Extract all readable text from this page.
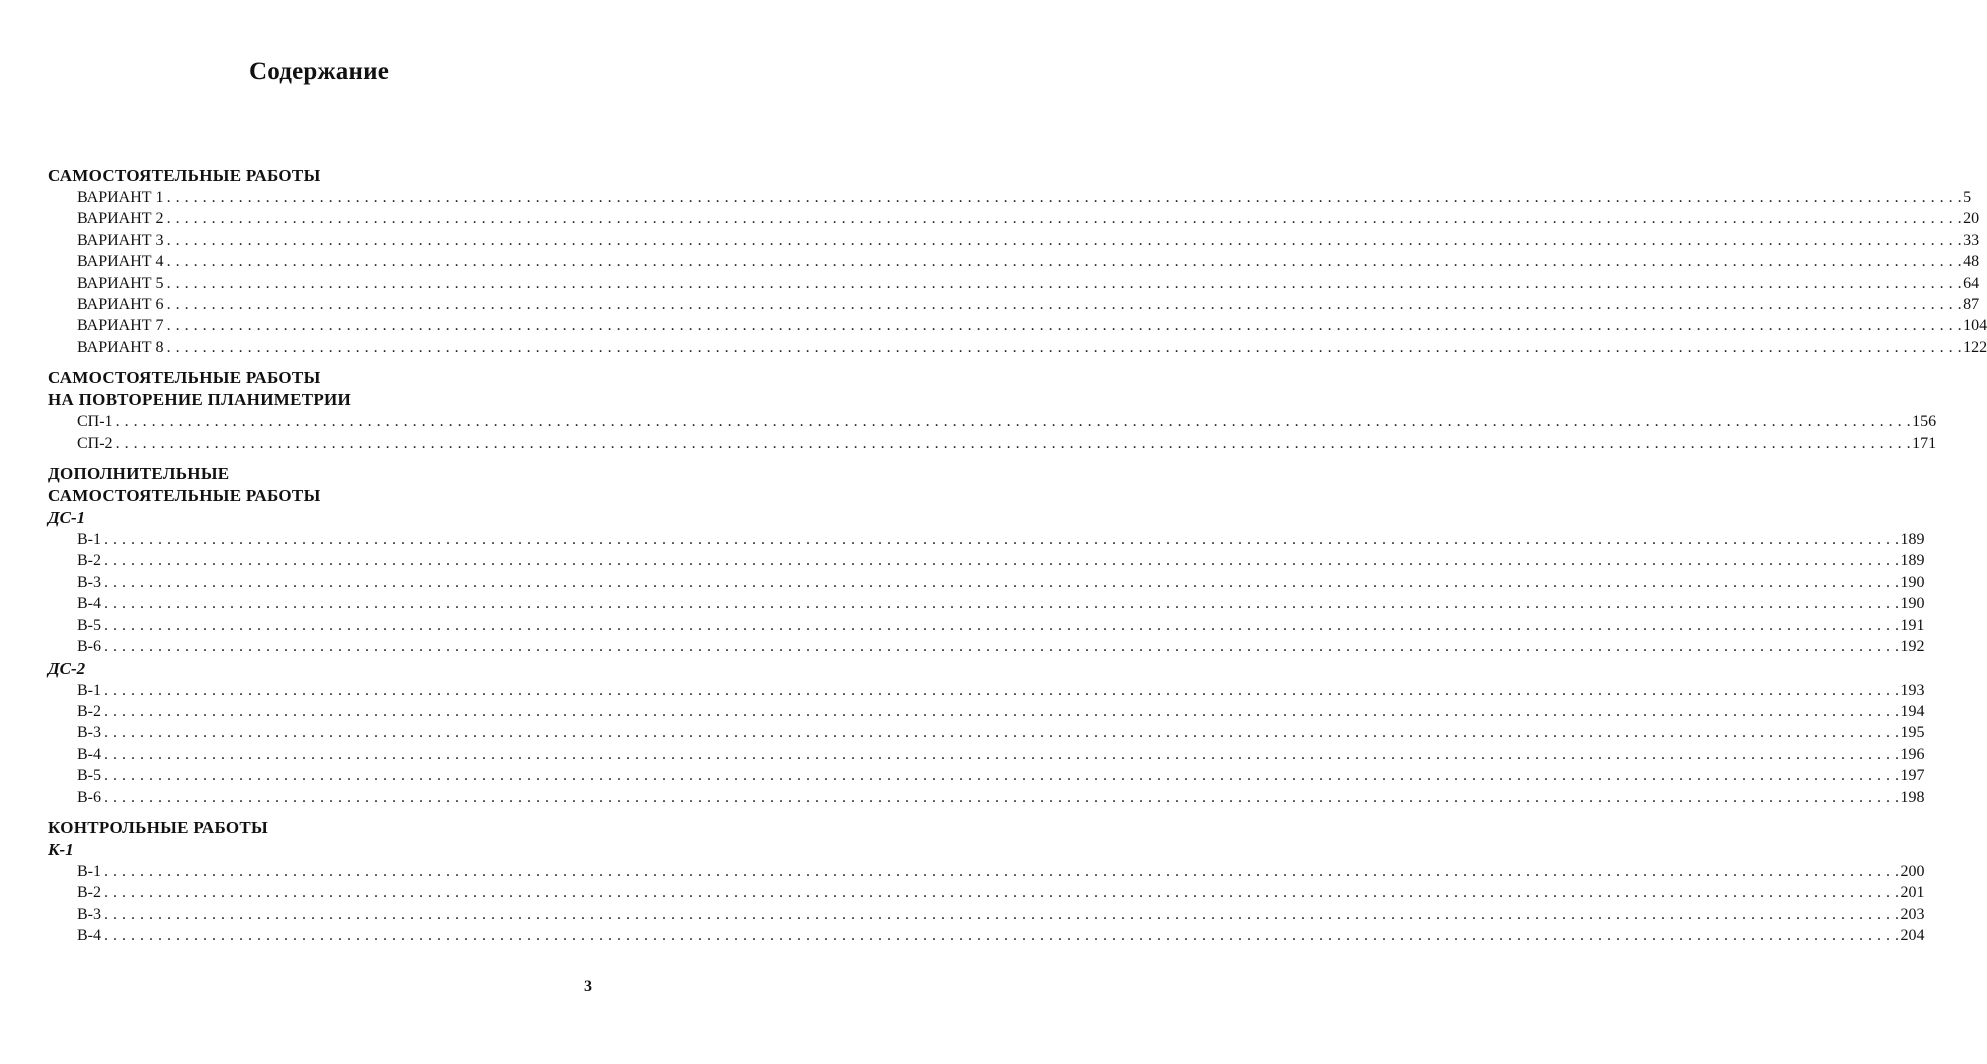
Содержание
САМОСТОЯТЕЛЬНЫЕ РАБОТЫ
ВАРИАНТ 1 . . . . . . . . . . . . . . . . . . . . . . . . . . . . . . . . . . . . . . . . . . . . . . . . . . . . . . . . . . . . . . . . . . . . . . . . . . . . . . . . . . . . . . . . . . . . . . . . . . . . . . . . . . . . . . . . . . . . . . . . . . . . . . . . . . . . . . . . . . . . . . . . . . . . . . . . . . . . . . . . . . . . . . . . . . . . . . . . . . . . . . . . . . . . . . . . . . . . . . . . 5
ВАРИАНТ 2 . . . . . . . . . . . . . . . . . . . . . . . . . . . . . . . . . . . . . . . . . . . . . . . . . . . . . . . . . . . . . . . . . . . . . . . . . . . . . . . . . . . . . . . . . . . . . . . . . . . . . . . . . . . . . . . . . . . . . . . . . . . . . . . . . . . . . . . . . . . . . . . . . . . . . . . . . . . . . . . . . . . . . . . . . . . . . . . . . . . . . . . . . . . . . . . . . . . . . . . . 20
ВАРИАНТ 3 . . . . . . . . . . . . . . . . . . . . . . . . . . . . . . . . . . . . . . . . . . . . . . . . . . . . . . . . . . . . . . . . . . . . . . . . . . . . . . . . . . . . . . . . . . . . . . . . . . . . . . . . . . . . . . . . . . . . . . . . . . . . . . . . . . . . . . . . . . . . . . . . . . . . . . . . . . . . . . . . . . . . . . . . . . . . . . . . . . . . . . . . . . . . . . . . . . . . . . . . 33
ВАРИАНТ 4 . . . . . . . . . . . . . . . . . . . . . . . . . . . . . . . . . . . . . . . . . . . . . . . . . . . . . . . . . . . . . . . . . . . . . . . . . . . . . . . . . . . . . . . . . . . . . . . . . . . . . . . . . . . . . . . . . . . . . . . . . . . . . . . . . . . . . . . . . . . . . . . . . . . . . . . . . . . . . . . . . . . . . . . . . . . . . . . . . . . . . . . . . . . . . . . . . . . . . . . . 48
ВАРИАНТ 5 . . . . . . . . . . . . . . . . . . . . . . . . . . . . . . . . . . . . . . . . . . . . . . . . . . . . . . . . . . . . . . . . . . . . . . . . . . . . . . . . . . . . . . . . . . . . . . . . . . . . . . . . . . . . . . . . . . . . . . . . . . . . . . . . . . . . . . . . . . . . . . . . . . . . . . . . . . . . . . . . . . . . . . . . . . . . . . . . . . . . . . . . . . . . . . . . . . . . . . . . 64
ВАРИАНТ 6 . . . . . . . . . . . . . . . . . . . . . . . . . . . . . . . . . . . . . . . . . . . . . . . . . . . . . . . . . . . . . . . . . . . . . . . . . . . . . . . . . . . . . . . . . . . . . . . . . . . . . . . . . . . . . . . . . . . . . . . . . . . . . . . . . . . . . . . . . . . . . . . . . . . . . . . . . . . . . . . . . . . . . . . . . . . . . . . . . . . . . . . . . . . . . . . . . . . . . . . . 87
ВАРИАНТ 7 . . . . . . . . . . . . . . . . . . . . . . . . . . . . . . . . . . . . . . . . . . . . . . . . . . . . . . . . . . . . . . . . . . . . . . . . . . . . . . . . . . . . . . . . . . . . . . . . . . . . . . . . . . . . . . . . . . . . . . . . . . . . . . . . . . . . . . . . . . . . . . . . . . . . . . . . . . . . . . . . . . . . . . . . . . . . . . . . . . . . . . . . . . . . . . . . . . . . . . . . 104
ВАРИАНТ 8 . . . . . . . . . . . . . . . . . . . . . . . . . . . . . . . . . . . . . . . . . . . . . . . . . . . . . . . . . . . . . . . . . . . . . . . . . . . . . . . . . . . . . . . . . . . . . . . . . . . . . . . . . . . . . . . . . . . . . . . . . . . . . . . . . . . . . . . . . . . . . . . . . . . . . . . . . . . . . . . . . . . . . . . . . . . . . . . . . . . . . . . . . . . . . . . . . . . . . . . . 122
САМОСТОЯТЕЛЬНЫЕ РАБОТЫ
НА ПОВТОРЕНИЕ ПЛАНИМЕТРИИ
СП-1 . . . . . . . . . . . . . . . . . . . . . . . . . . . . . . . . . . . . . . . . . . . . . . . . . . . . . . . . . . . . . . . . . . . . . . . . . . . . . . . . . . . . . . . . . . . . . . . . . . . . . . . . . . . . . . . . . . . . . . . . . . . . . . . . . . . . . . . . . . . . . . . . . . . . . . . . . . . . . . . . . . . . . . . . . . . . . . . . . . . . . . . . . . . . . . . . . . . . . . . . 156
СП-2 . . . . . . . . . . . . . . . . . . . . . . . . . . . . . . . . . . . . . . . . . . . . . . . . . . . . . . . . . . . . . . . . . . . . . . . . . . . . . . . . . . . . . . . . . . . . . . . . . . . . . . . . . . . . . . . . . . . . . . . . . . . . . . . . . . . . . . . . . . . . . . . . . . . . . . . . . . . . . . . . . . . . . . . . . . . . . . . . . . . . . . . . . . . . . . . . . . . . . . . . 171
ДОПОЛНИТЕЛЬНЫЕ
САМОСТОЯТЕЛЬНЫЕ РАБОТЫ
ДС-1
В-1 . . . . . . . . . . . . . . . . . . . . . . . . . . . . . . . . . . . . . . . . . . . . . . . . . . . . . . . . . . . . . . . . . . . . . . . . . . . . . . . . . . . . . . . . . . . . . . . . . . . . . . . . . . . . . . . . . . . . . . . . . . . . . . . . . . . . . . . . . . . . . . . . . . . . . . . . . . . . . . . . . . . . . . . . . . . . . . . . . . . . . . . . . . . . . . . . . . . . . . . . 189
В-2 . . . . . . . . . . . . . . . . . . . . . . . . . . . . . . . . . . . . . . . . . . . . . . . . . . . . . . . . . . . . . . . . . . . . . . . . . . . . . . . . . . . . . . . . . . . . . . . . . . . . . . . . . . . . . . . . . . . . . . . . . . . . . . . . . . . . . . . . . . . . . . . . . . . . . . . . . . . . . . . . . . . . . . . . . . . . . . . . . . . . . . . . . . . . . . . . . . . . . . . . 189
В-3 . . . . . . . . . . . . . . . . . . . . . . . . . . . . . . . . . . . . . . . . . . . . . . . . . . . . . . . . . . . . . . . . . . . . . . . . . . . . . . . . . . . . . . . . . . . . . . . . . . . . . . . . . . . . . . . . . . . . . . . . . . . . . . . . . . . . . . . . . . . . . . . . . . . . . . . . . . . . . . . . . . . . . . . . . . . . . . . . . . . . . . . . . . . . . . . . . . . . . . . . 190
В-4 . . . . . . . . . . . . . . . . . . . . . . . . . . . . . . . . . . . . . . . . . . . . . . . . . . . . . . . . . . . . . . . . . . . . . . . . . . . . . . . . . . . . . . . . . . . . . . . . . . . . . . . . . . . . . . . . . . . . . . . . . . . . . . . . . . . . . . . . . . . . . . . . . . . . . . . . . . . . . . . . . . . . . . . . . . . . . . . . . . . . . . . . . . . . . . . . . . . . . . . . 190
В-5 . . . . . . . . . . . . . . . . . . . . . . . . . . . . . . . . . . . . . . . . . . . . . . . . . . . . . . . . . . . . . . . . . . . . . . . . . . . . . . . . . . . . . . . . . . . . . . . . . . . . . . . . . . . . . . . . . . . . . . . . . . . . . . . . . . . . . . . . . . . . . . . . . . . . . . . . . . . . . . . . . . . . . . . . . . . . . . . . . . . . . . . . . . . . . . . . . . . . . . . . 191
В-6 . . . . . . . . . . . . . . . . . . . . . . . . . . . . . . . . . . . . . . . . . . . . . . . . . . . . . . . . . . . . . . . . . . . . . . . . . . . . . . . . . . . . . . . . . . . . . . . . . . . . . . . . . . . . . . . . . . . . . . . . . . . . . . . . . . . . . . . . . . . . . . . . . . . . . . . . . . . . . . . . . . . . . . . . . . . . . . . . . . . . . . . . . . . . . . . . . . . . . . . . 192
ДС-2
В-1 . . . . . . . . . . . . . . . . . . . . . . . . . . . . . . . . . . . . . . . . . . . . . . . . . . . . . . . . . . . . . . . . . . . . . . . . . . . . . . . . . . . . . . . . . . . . . . . . . . . . . . . . . . . . . . . . . . . . . . . . . . . . . . . . . . . . . . . . . . . . . . . . . . . . . . . . . . . . . . . . . . . . . . . . . . . . . . . . . . . . . . . . . . . . . . . . . . . . . . . . 193
В-2 . . . . . . . . . . . . . . . . . . . . . . . . . . . . . . . . . . . . . . . . . . . . . . . . . . . . . . . . . . . . . . . . . . . . . . . . . . . . . . . . . . . . . . . . . . . . . . . . . . . . . . . . . . . . . . . . . . . . . . . . . . . . . . . . . . . . . . . . . . . . . . . . . . . . . . . . . . . . . . . . . . . . . . . . . . . . . . . . . . . . . . . . . . . . . . . . . . . . . . . . 194
В-3 . . . . . . . . . . . . . . . . . . . . . . . . . . . . . . . . . . . . . . . . . . . . . . . . . . . . . . . . . . . . . . . . . . . . . . . . . . . . . . . . . . . . . . . . . . . . . . . . . . . . . . . . . . . . . . . . . . . . . . . . . . . . . . . . . . . . . . . . . . . . . . . . . . . . . . . . . . . . . . . . . . . . . . . . . . . . . . . . . . . . . . . . . . . . . . . . . . . . . . . . 195
В-4 . . . . . . . . . . . . . . . . . . . . . . . . . . . . . . . . . . . . . . . . . . . . . . . . . . . . . . . . . . . . . . . . . . . . . . . . . . . . . . . . . . . . . . . . . . . . . . . . . . . . . . . . . . . . . . . . . . . . . . . . . . . . . . . . . . . . . . . . . . . . . . . . . . . . . . . . . . . . . . . . . . . . . . . . . . . . . . . . . . . . . . . . . . . . . . . . . . . . . . . . 196
В-5 . . . . . . . . . . . . . . . . . . . . . . . . . . . . . . . . . . . . . . . . . . . . . . . . . . . . . . . . . . . . . . . . . . . . . . . . . . . . . . . . . . . . . . . . . . . . . . . . . . . . . . . . . . . . . . . . . . . . . . . . . . . . . . . . . . . . . . . . . . . . . . . . . . . . . . . . . . . . . . . . . . . . . . . . . . . . . . . . . . . . . . . . . . . . . . . . . . . . . . . . 197
В-6 . . . . . . . . . . . . . . . . . . . . . . . . . . . . . . . . . . . . . . . . . . . . . . . . . . . . . . . . . . . . . . . . . . . . . . . . . . . . . . . . . . . . . . . . . . . . . . . . . . . . . . . . . . . . . . . . . . . . . . . . . . . . . . . . . . . . . . . . . . . . . . . . . . . . . . . . . . . . . . . . . . . . . . . . . . . . . . . . . . . . . . . . . . . . . . . . . . . . . . . . 198
КОНТРОЛЬНЫЕ РАБОТЫ
К-1
В-1 . . . . . . . . . . . . . . . . . . . . . . . . . . . . . . . . . . . . . . . . . . . . . . . . . . . . . . . . . . . . . . . . . . . . . . . . . . . . . . . . . . . . . . . . . . . . . . . . . . . . . . . . . . . . . . . . . . . . . . . . . . . . . . . . . . . . . . . . . . . . . . . . . . . . . . . . . . . . . . . . . . . . . . . . . . . . . . . . . . . . . . . . . . . . . . . . . . . . . . . . 200
В-2 . . . . . . . . . . . . . . . . . . . . . . . . . . . . . . . . . . . . . . . . . . . . . . . . . . . . . . . . . . . . . . . . . . . . . . . . . . . . . . . . . . . . . . . . . . . . . . . . . . . . . . . . . . . . . . . . . . . . . . . . . . . . . . . . . . . . . . . . . . . . . . . . . . . . . . . . . . . . . . . . . . . . . . . . . . . . . . . . . . . . . . . . . . . . . . . . . . . . . . . . 201
В-3 . . . . . . . . . . . . . . . . . . . . . . . . . . . . . . . . . . . . . . . . . . . . . . . . . . . . . . . . . . . . . . . . . . . . . . . . . . . . . . . . . . . . . . . . . . . . . . . . . . . . . . . . . . . . . . . . . . . . . . . . . . . . . . . . . . . . . . . . . . . . . . . . . . . . . . . . . . . . . . . . . . . . . . . . . . . . . . . . . . . . . . . . . . . . . . . . . . . . . . . . 203
В-4 . . . . . . . . . . . . . . . . . . . . . . . . . . . . . . . . . . . . . . . . . . . . . . . . . . . . . . . . . . . . . . . . . . . . . . . . . . . . . . . . . . . . . . . . . . . . . . . . . . . . . . . . . . . . . . . . . . . . . . . . . . . . . . . . . . . . . . . . . . . . . . . . . . . . . . . . . . . . . . . . . . . . . . . . . . . . . . . . . . . . . . . . . . . . . . . . . . . . . . . . 204
3
